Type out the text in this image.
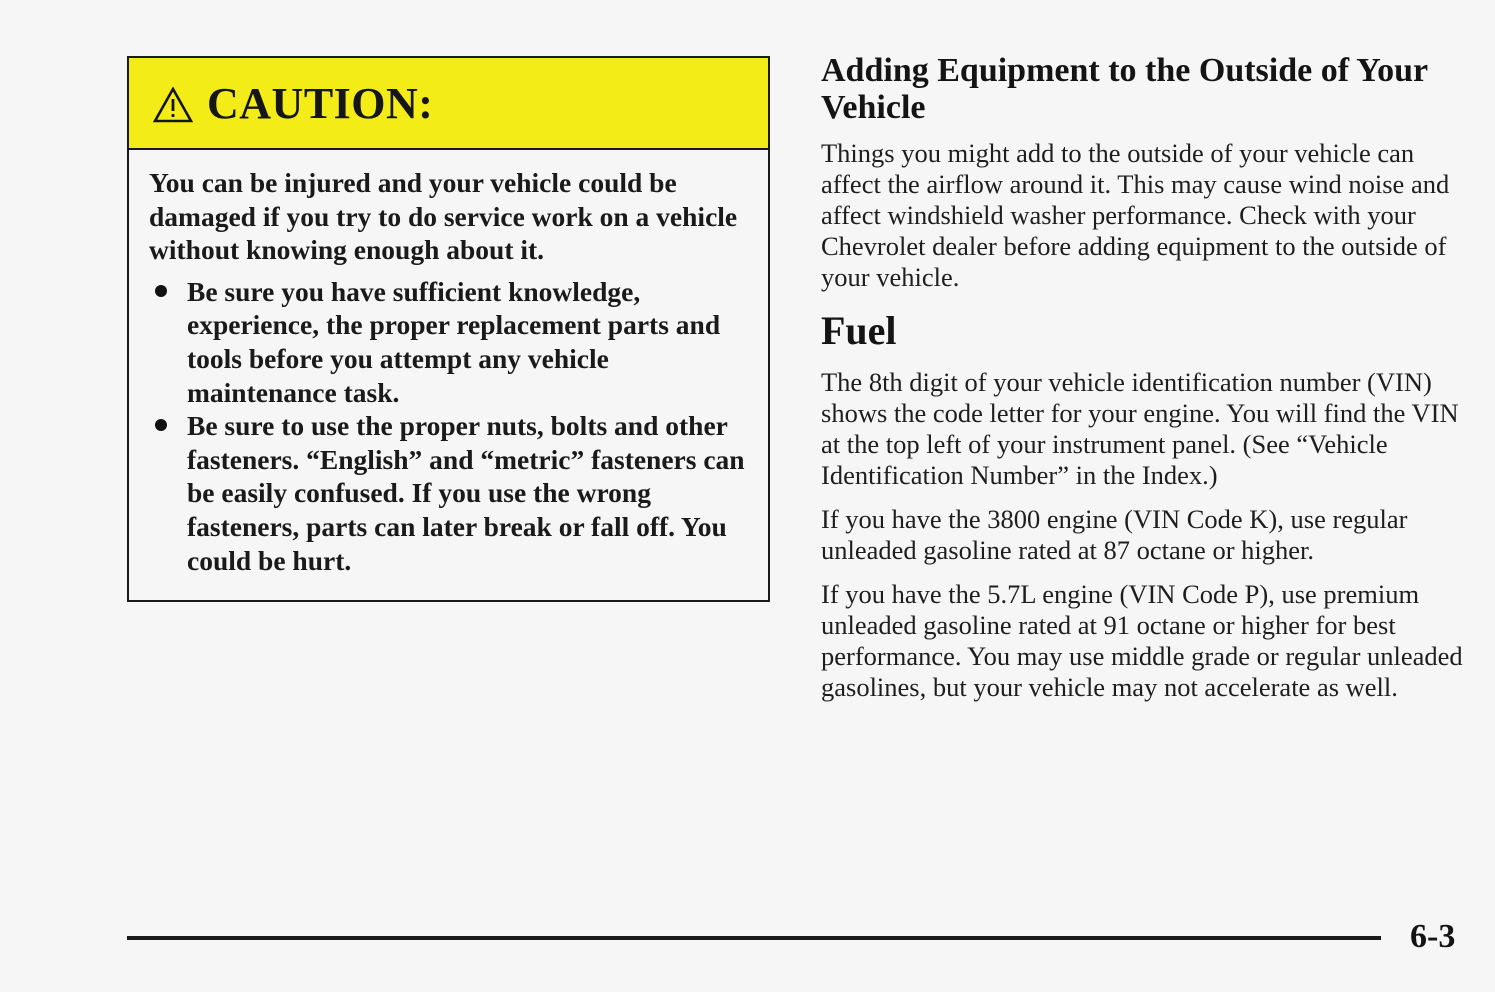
CAUTION:

You can be injured and your vehicle could be damaged if you try to do service work on a vehicle without knowing enough about it.

Be sure you have sufficient knowledge, experience, the proper replacement parts and tools before you attempt any vehicle maintenance task.
Be sure to use the proper nuts, bolts and other fasteners. “English” and “metric” fasteners can be easily confused. If you use the wrong fasteners, parts can later break or fall off. You could be hurt.
Adding Equipment to the Outside of Your Vehicle

Things you might add to the outside of your vehicle can affect the airflow around it. This may cause wind noise and affect windshield washer performance. Check with your Chevrolet dealer before adding equipment to the outside of your vehicle.

Fuel

The 8th digit of your vehicle identification number (VIN) shows the code letter for your engine. You will find the VIN at the top left of your instrument panel. (See “Vehicle Identification Number” in the Index.)

If you have the 3800 engine (VIN Code K), use regular unleaded gasoline rated at 87 octane or higher.

If you have the 5.7L engine (VIN Code P), use premium unleaded gasoline rated at 91 octane or higher for best performance. You may use middle grade or regular unleaded gasolines, but your vehicle may not accelerate as well.

6-3
